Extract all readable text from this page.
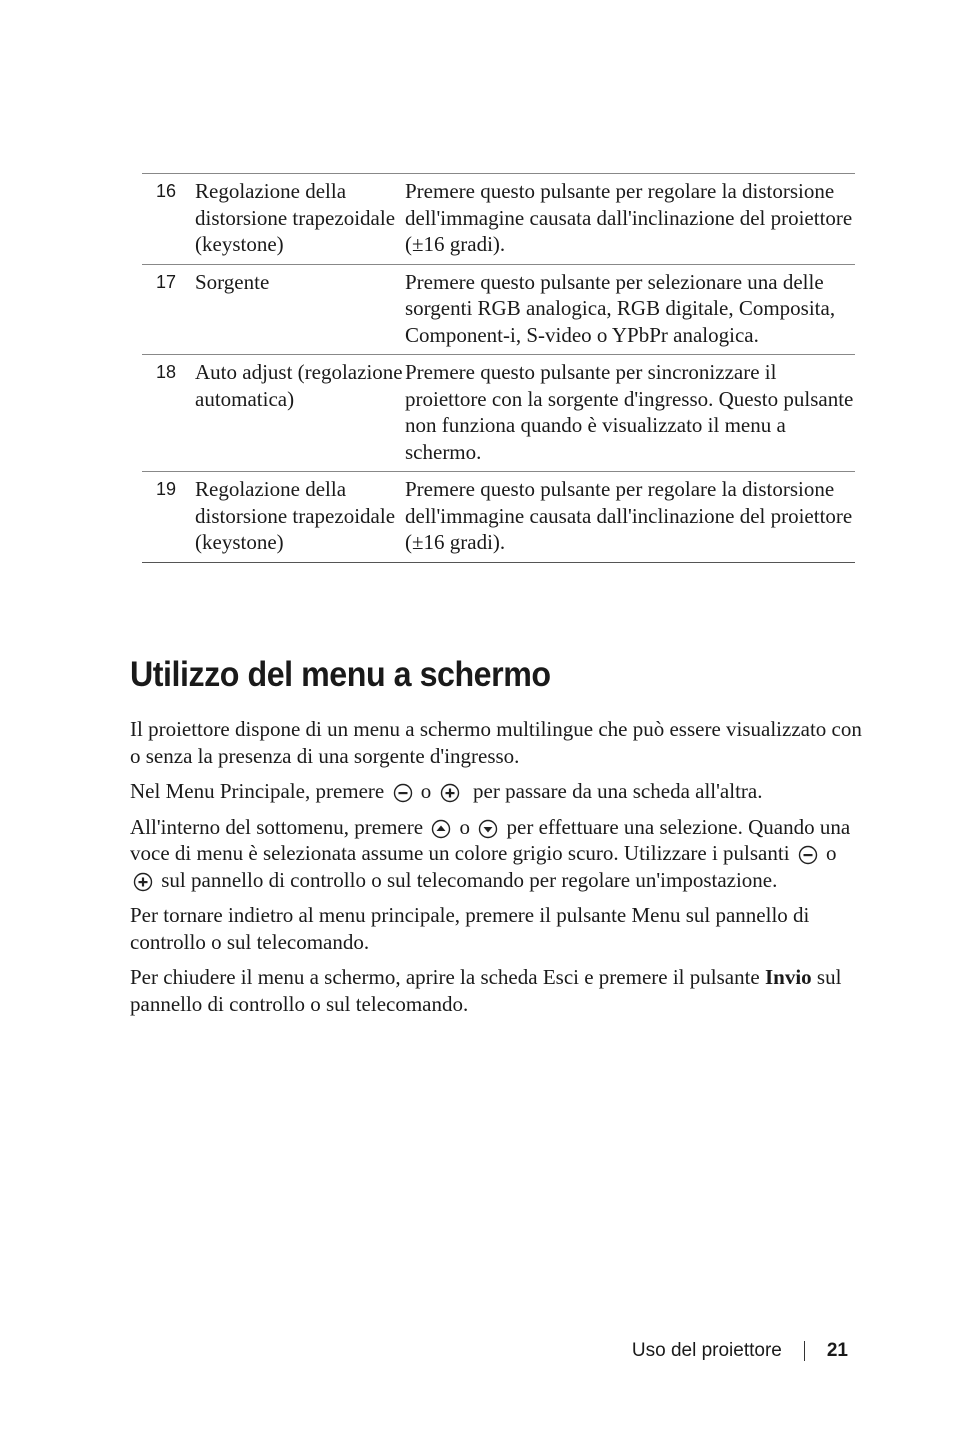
16	Regolazione della distorsione trapezoidale (keystone)	Premere questo pulsante per regolare la distorsione dell'immagine causata dall'inclinazione del proiettore (±16 gradi).
17	Sorgente	Premere questo pulsante per selezionare una delle sorgenti RGB analogica, RGB digitale, Composita, Component-i, S-video o YPbPr analogica.
18	Auto adjust (regolazione automatica)	Premere questo pulsante per sincronizzare il proiettore con la sorgente d'ingresso. Questo pulsante non funziona quando è visualizzato il menu a schermo.
19	Regolazione della distorsione trapezoidale (keystone)	Premere questo pulsante per regolare la distorsione dell'immagine causata dall'inclinazione del proiettore (±16 gradi).
Utilizzo del menu a schermo

Il proiettore dispone di un menu a schermo multilingue che può essere visualizzato con o senza la presenza di una sorgente d'ingresso.

Nel Menu Principale, premere o per passare da una scheda all'altra.

All'interno del sottomenu, premere o per effettuare una selezione. Quando una voce di menu è selezionata assume un colore grigio scuro. Utilizzare i pulsanti o  sul pannello di controllo o sul telecomando per regolare un'impostazione.

Per tornare indietro al menu principale, premere il pulsante Menu sul pannello di controllo o sul telecomando.

Per chiudere il menu a schermo, aprire la scheda Esci e premere il pulsante Invio sul pannello di controllo o sul telecomando.

Uso del proiettore 21
